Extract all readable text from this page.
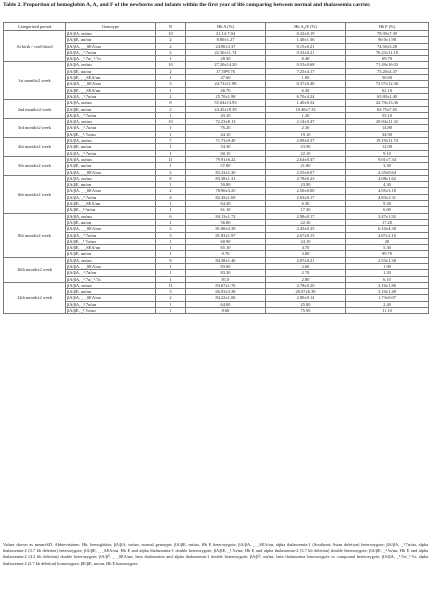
Table 2. Proportion of hemoglobin A, A₂ and F of the newborns and infants within the first year of life comparing between normal and thalassemia carrier.
Categorized period	Genotype	N	Hb A (%)	Hb A₂/E (%)	Hb F (%)
At birth / cord blood	βA/βA, αα/αα	10	21.14·7.04	0.32±0.19	78.39±7.39
	βA/βE, αα/αα	2	8.80±1.27	1.40±1.36	90.0±1.98
	βA/βA, _ _SEA/αα	2	24.90±3.37	0.15±0.21	74.50±3.28
	βA/βA, _³.7α/αα	2	22.30±11.74	0.33±0.21	76.23±11.10
	βA/βA, _³.7α/_³.7α	1	28.30	0.40	69.70
1st month±2 week	βA/βA, αα/αα	10	27.20±14.20	0.55±0.68	71.49±16.03
	βA/βE, αα/αα	2	17.50²9.76	7.25±4.17	75.20±4.37
	βA/βE, _ _SEA/αα	1	47.60	1.00	50.00
	βA/βA, _ _SEA/αα	3	24.73±11.88	0.37±0.40	73.57±12.36
	βA/βE, _ _SEA/αα	1	26.70	6.30	62.10
	βA/βA, _³.7α/αα	2	25.70±1.98	6.70±4.24	65.80±2.40
2nd month±2 week	βA/βA, αα/αα	8	55.04±13.93	1.40±0.54	42.79±13.36
	βA/βE, αα/αα	2	24.45±19.39	10.40±7.33	63.75±7.65
	βA/βA, _³.7α/αα	1	43.10	1.20	55.10
3rd month±2 week	βA/βA, αα/αα	10	72.23±8.13	2.14±0.47	20.04±11.32
	βA/βA, _³.7α/αα	1	76.20	2.30	14.80
	βA/βE, _³.7α/αα	1	44.10	19.10	34.90
4th month±2 week	βA/βA, αα/αα	7	71.73±9.49	2.09±0.37	19.19±11.74
	βA/βE, αα/αα	1	54.30	23.50	12.00
	βA/βA, _³.7α/αα	1	60.10	22.10	9.10
5th month±2 week	βA/βA, αα/αα	11	79.91±6.22	2.64±0.37	9.01±7.34
	βA/βE, αα/αα	1	57.00	21.80	3.30
	βA/βA, _ _SEA/αα	2	83.23±1.20	2.55±0.07	4.35±0.64
6th month±2 week	βA/βA, αα/αα	8	83.38±1.31	2.78±0.23	4.08±1.62
	βA/βE, αα/αα	1	59.80	23.90	4.30
	βA/βA, _ _SEA/αα	2	78.90±3.25	2.50±0.00	4.95±3.18
	βA/βA, _³.7α/αα	4	82.45±1.69	2.63±0.17	4.83±2.31
	βA/βE, _ _SEA/αα	1	64.30	6.30	9.30
	βA/βE, _⁴.²α/αα	1	61.10	17.30	6.00
8th month±2 week	βA/βA, αα/αα	6	84.13±1.72	2.98±0.17	3.47±1.92
	βA/βE, αα/αα	1	56.80	22.30	17.20
	βA/βA, _ _SEA/αα	2	81.80±3.39	2.45±0.35	6.10±4.30
	βA/βA, _³.7α/αα	3	81.83±1.97	2.67±0.15	4.87±2.10
	βA/βE, _³.7α/αα	1	60.90	24.10	20
	βA/βE, _ _SEA/αα	1	65.10	4.70	5.30
	βA/βE, αα/αα	1	0.70	3.00	99.70
10th month±2 week	βA/βA, αα/αα	9	84.38±1.46	2.87±0.21	2.53±1.38
	βA/βA, _ _SEA/αα	1	83.00	2.60	1.90
	βA/βA, _³.7α/αα	1	83.30	2.70	1.20
	βA/βA, _³.7α/_³.7α	1	81.0	2.80	6.10
12th month±2 week	βA/βA, αα/αα	11	83.67±1.76	2.78±0.20	3.16±1.86
	βA/βE, αα/αα	3	66.03±3.38	20.07±6.39	3.10±1.49
	βA/βA, _ _SEA/αα	2	84.22±1.06	2.80±0.14	1.73±0.07
	βA/βA, _³.7α/αα	1	64.00	25.00	2.40
	βA/βE, _³.7α/αα	1	8.60	75.90	11.10
Values shown as mean±SD. Abbreviations: Hb, hemoglobin; βA/βA, αα/αα, normal genotype; βA/βE, αα/αα, Hb E heterozygote; βA/βA, _ _SEA/αα, alpha thalassemia-1 (Southeast Asian deletion) heterozygote; βA/βA, _³.7α/αα, alpha thalassemia-2 (3.7 kb deletion) heterozygote; βA/βE, _ _SEA/αα, Hb E and alpha thalassemia-1 double heterozygote; βA/βE, _³.7α/αα, Hb E and alpha thalassemia-2 (3.7 kb deletion) double heterozygote; βA/βE, _⁴.²α/αα, Hb E and alpha thalassemia-2 (4.2 kb deletion) double heterozygote; βA/β⁰, _ _SEA/αα, beta thalassemia and alpha thalassemia-1 double heterozygote; βA/β⁰, αα/αα, beta thalassemia heterozygote or compound heterozygote; βA/βA, _³.7α/_³.7α, alpha thalassemia-2 (3.7 kb deletion) homozygote; βE/βE, αα/αα, Hb E homozygote.
